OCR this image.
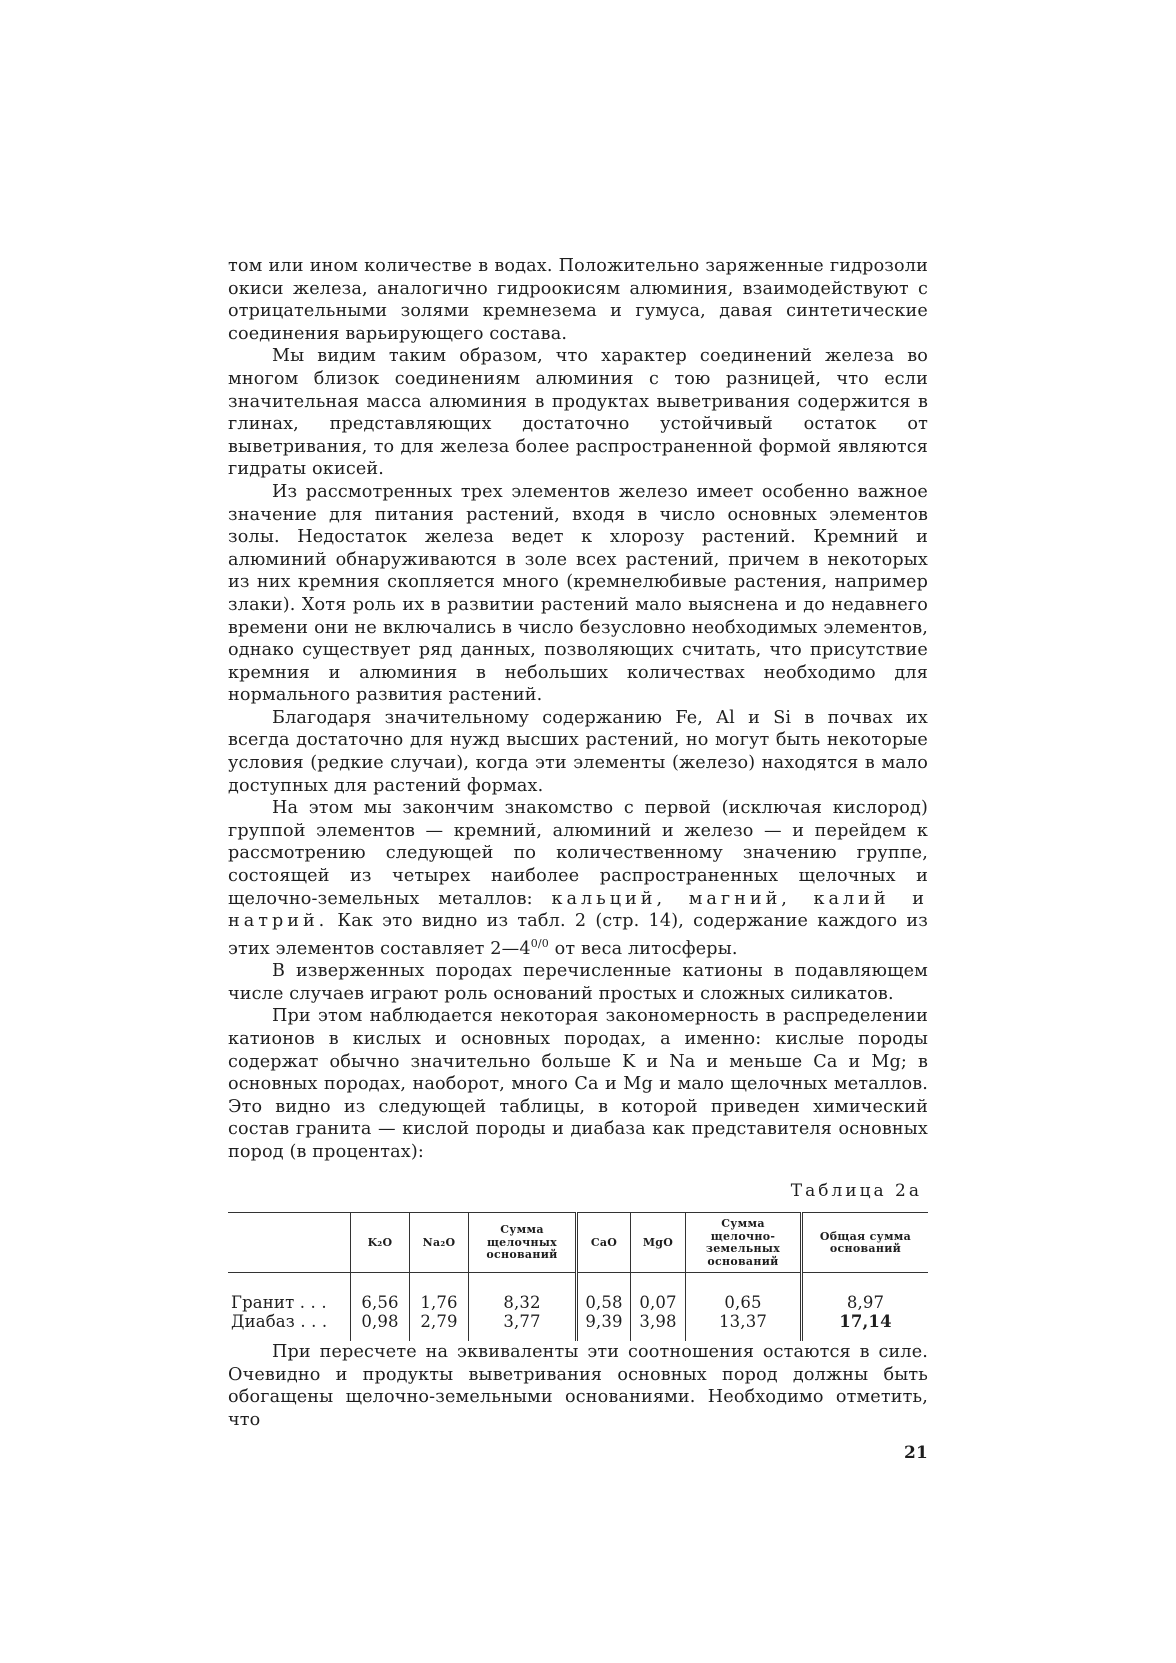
том или ином количестве в водах. Положительно заряженные гидрозоли окиси железа, аналогично гидроокисям алюминия, взаимодействуют с отрицательными золями кремнезема и гумуса, давая синтетические соединения варьирующего состава.

Мы видим таким образом, что характер соединений железа во многом близок соединениям алюминия с тою разницей, что если значительная масса алюминия в продуктах выветривания содержится в глинах, представляющих достаточно устойчивый остаток от выветривания, то для железа более распространенной формой являются гидраты окисей.

Из рассмотренных трех элементов железо имеет особенно важное значение для питания растений, входя в число основных элементов золы. Недостаток железа ведет к хлорозу растений. Кремний и алюминий обнаруживаются в золе всех растений, причем в некоторых из них кремния скопляется много (кремнелюбивые растения, например злаки). Хотя роль их в развитии растений мало выяснена и до недавнего времени они не включались в число безусловно необходимых элементов, однако существует ряд данных, позволяющих считать, что присутствие кремния и алюминия в небольших количествах необходимо для нормального развития растений.

Благодаря значительному содержанию Fe, Al и Si в почвах их всегда достаточно для нужд высших растений, но могут быть некоторые условия (редкие случаи), когда эти элементы (железо) находятся в мало доступных для растений формах.

На этом мы закончим знакомство с первой (исключая кислород) группой элементов — кремний, алюминий и железо — и перейдем к рассмотрению следующей по количественному значению группе, состоящей из четырех наиболее распространенных щелочных и щелочно-земельных металлов: кальций, магний, калий и натрий. Как это видно из табл. 2 (стр. 14), содержание каждого из этих элементов составляет $2—4^{0/0}$ от веса литосферы.

В изверженных породах перечисленные катионы в подавляющем числе случаев играют роль оснований простых и сложных силикатов.

При этом наблюдается некоторая закономерность в распределении катионов в кислых и основных породах, а именно: кислые породы содержат обычно значительно больше K и Na и меньше Ca и Mg; в основных породах, наоборот, много Ca и Mg и мало щелочных металлов. Это видно из следующей таблицы, в которой приведен химический состав гранита — кислой породы и диабаза как представителя основных пород (в процентах):

Таблица 2а
	K₂O	Na₂O	Сумма щелочных оснований	CaO	MgO	Сумма щелочно-земельных оснований	Общая сумма оснований

Гранит . . .	6,56	1,76	8,32	0,58	0,07	0,65	8,97
Диабаз . . .	0,98	2,79	3,77	9,39	3,98	13,37	17,14

При пересчете на эквиваленты эти соотношения остаются в силе. Очевидно и продукты выветривания основных пород должны быть обогащены щелочно-земельными основаниями. Необходимо отметить, что

21
